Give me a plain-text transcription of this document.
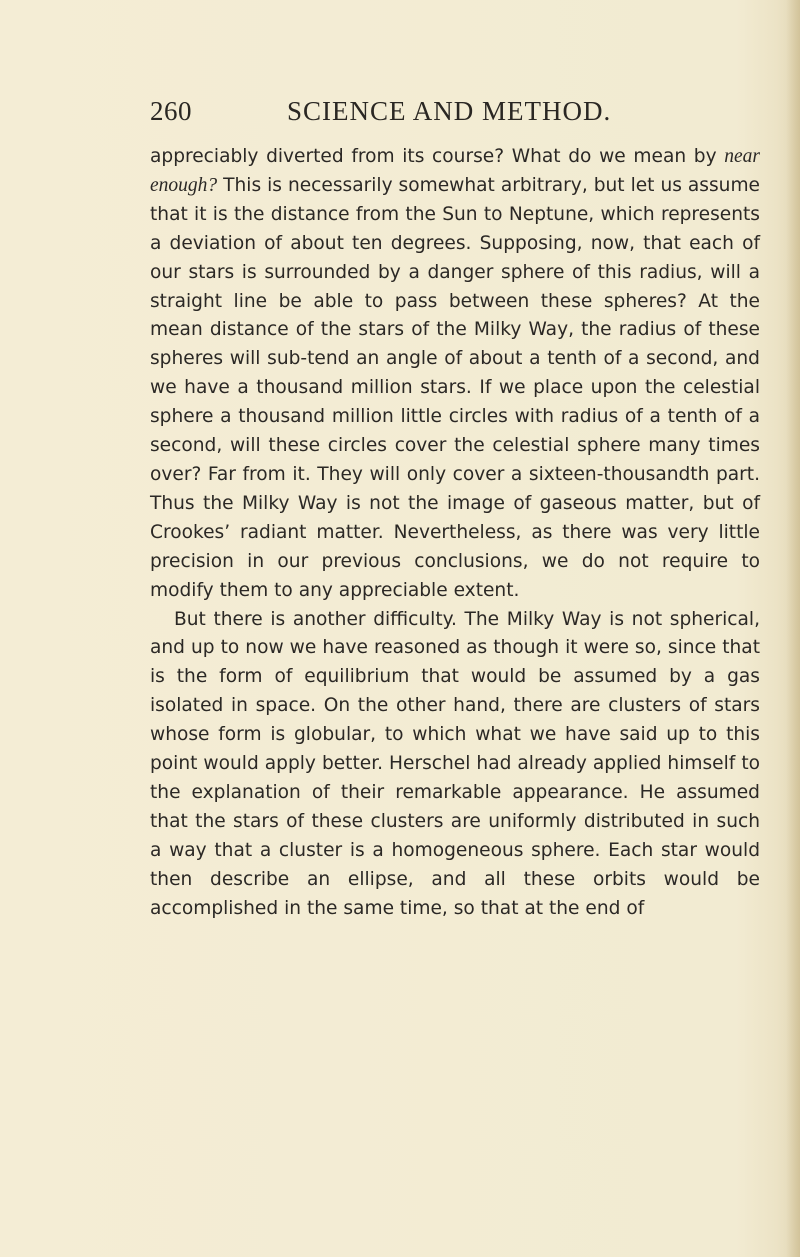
260	SCIENCE AND METHOD.

appreciably diverted from its course? What do we mean by near enough? This is necessarily somewhat arbitrary, but let us assume that it is the distance from the Sun to Neptune, which represents a deviation of about ten degrees. Supposing, now, that each of our stars is surrounded by a danger sphere of this radius, will a straight line be able to pass between these spheres? At the mean distance of the stars of the Milky Way, the radius of these spheres will sub-tend an angle of about a tenth of a second, and we have a thousand million stars. If we place upon the celestial sphere a thousand million little circles with radius of a tenth of a second, will these circles cover the celestial sphere many times over? Far from it. They will only cover a sixteen-thousandth part. Thus the Milky Way is not the image of gaseous matter, but of Crookes’ radiant matter. Nevertheless, as there was very little precision in our previous conclusions, we do not require to modify them to any appreciable extent.

But there is another difficulty. The Milky Way is not spherical, and up to now we have reasoned as though it were so, since that is the form of equilibrium that would be assumed by a gas isolated in space. On the other hand, there are clusters of stars whose form is globular, to which what we have said up to this point would apply better. Herschel had already applied himself to the explanation of their remarkable appearance. He assumed that the stars of these clusters are uniformly distributed in such a way that a cluster is a homogeneous sphere. Each star would then describe an ellipse, and all these orbits would be accomplished in the same time, so that at the end of
